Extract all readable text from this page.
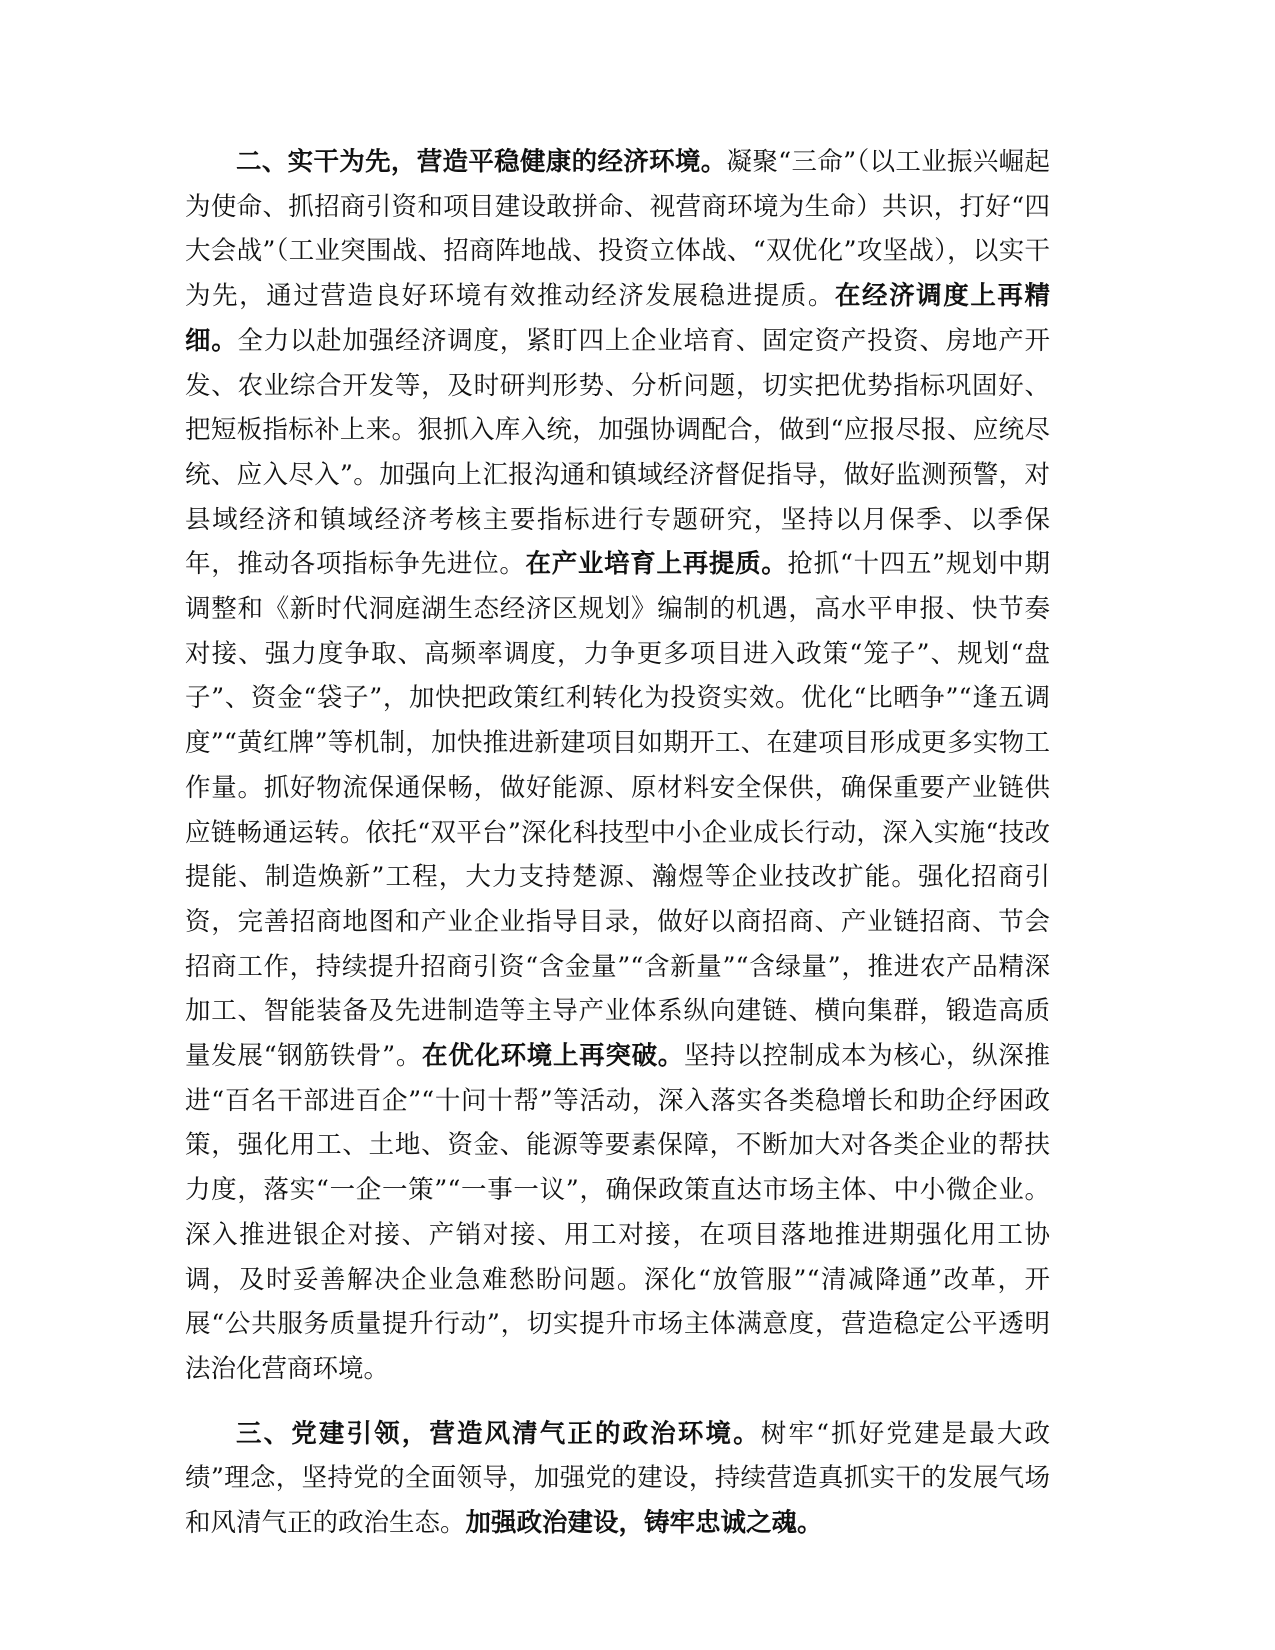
二、实干为先，营造平稳健康的经济环境。凝聚“三命”（以工业振兴崛起为使命、抓招商引资和项目建设敢拼命、视营商环境为生命）共识，打好“四大会战”（工业突围战、招商阵地战、投资立体战、“双优化”攻坚战），以实干为先，通过营造良好环境有效推动经济发展稳进提质。在经济调度上再精细。全力以赴加强经济调度，紧盯四上企业培育、固定资产投资、房地产开发、农业综合开发等，及时研判形势、分析问题，切实把优势指标巩固好、把短板指标补上来。狠抓入库入统，加强协调配合，做到“应报尽报、应统尽统、应入尽入”。加强向上汇报沟通和镇域经济督促指导，做好监测预警，对县域经济和镇域经济考核主要指标进行专题研究，坚持以月保季、以季保年，推动各项指标争先进位。在产业培育上再提质。抢抓“十四五”规划中期调整和《新时代洞庭湖生态经济区规划》编制的机遇，高水平申报、快节奏对接、强力度争取、高频率调度，力争更多项目进入政策“笼子”、规划“盘子”、资金“袋子”，加快把政策红利转化为投资实效。优化“比晒争”“逢五调度”“黄红牌”等机制，加快推进新建项目如期开工、在建项目形成更多实物工作量。抓好物流保通保畅，做好能源、原材料安全保供，确保重要产业链供应链畅通运转。依托“双平台”深化科技型中小企业成长行动，深入实施“技改提能、制造焕新”工程，大力支持楚源、瀚煜等企业技改扩能。强化招商引资，完善招商地图和产业企业指导目录，做好以商招商、产业链招商、节会招商工作，持续提升招商引资“含金量”“含新量”“含绿量”，推进农产品精深加工、智能装备及先进制造等主导产业体系纵向建链、横向集群，锻造高质量发展“钢筋铁骨”。在优化环境上再突破。坚持以控制成本为核心，纵深推进“百名干部进百企”“十问十帮”等活动，深入落实各类稳增长和助企纾困政策，强化用工、土地、资金、能源等要素保障，不断加大对各类企业的帮扶力度，落实“一企一策”“一事一议”，确保政策直达市场主体、中小微企业。深入推进银企对接、产销对接、用工对接，在项目落地推进期强化用工协调，及时妥善解决企业急难愁盼问题。深化“放管服”“清减降通”改革，开展“公共服务质量提升行动”，切实提升市场主体满意度，营造稳定公平透明法治化营商环境。

三、党建引领，营造风清气正的政治环境。树牢“抓好党建是最大政绩”理念，坚持党的全面领导，加强党的建设，持续营造真抓实干的发展气场和风清气正的政治生态。加强政治建设，铸牢忠诚之魂。
